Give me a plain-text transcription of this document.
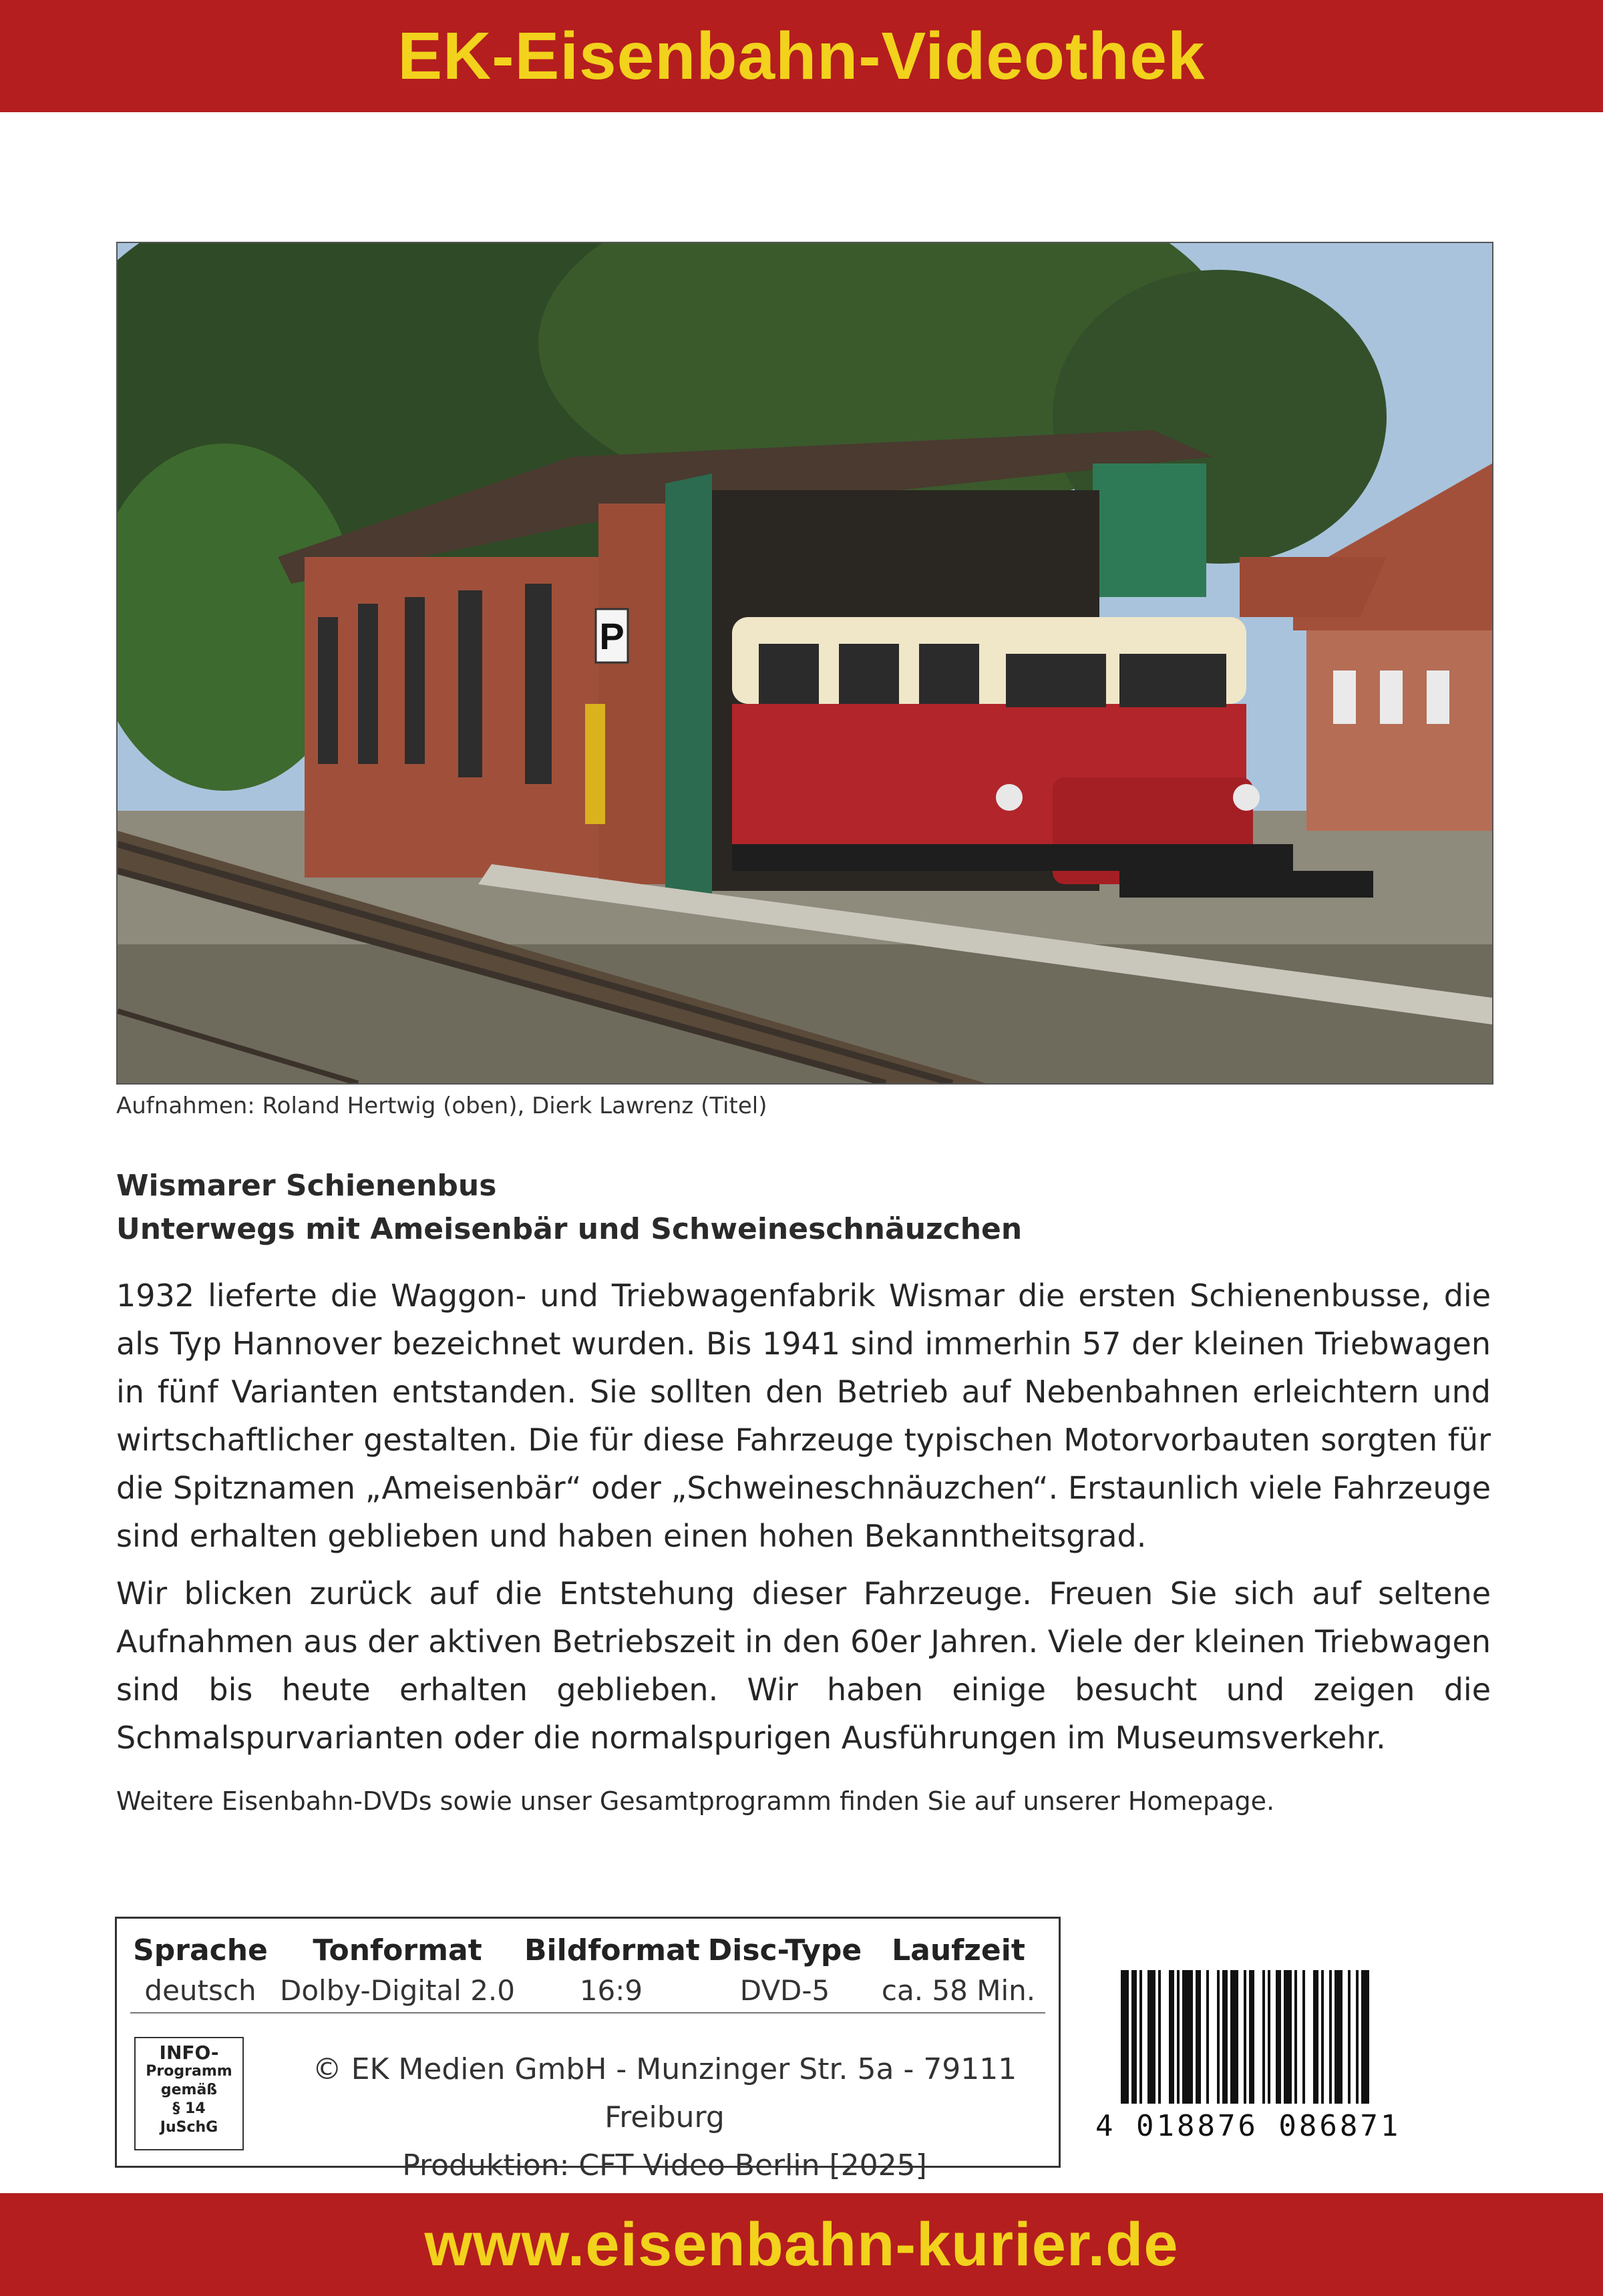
EK-Eisenbahn-Videothek
P
Aufnahmen: Roland Hertwig (oben), Dierk Lawrenz (Titel)
Wismarer Schienenbus
Unterwegs mit Ameisenbär und Schweineschnäuzchen

1932 lieferte die Waggon- und Triebwagenfabrik Wismar die ersten Schienenbusse, die als Typ Hannover bezeichnet wurden. Bis 1941 sind immerhin 57 der kleinen Triebwagen in fünf Varianten entstanden. Sie sollten den Betrieb auf Nebenbahnen erleichtern und wirtschaftlicher gestalten. Die für diese Fahrzeuge typischen Motorvorbauten sorgten für die Spitznamen „Ameisenbär“ oder „Schweineschnäuzchen“. Erstaunlich viele Fahrzeuge sind erhalten geblieben und haben einen hohen Bekanntheitsgrad.

Wir blicken zurück auf die Entstehung dieser Fahrzeuge. Freuen Sie sich auf seltene Aufnahmen aus der aktiven Betriebszeit in den 60er Jahren. Viele der kleinen Triebwagen sind bis heute erhalten geblieben. Wir haben einige besucht und zeigen die Schmalspurvarianten oder die normalspurigen Ausführungen im Museumsverkehr.

Weitere Eisenbahn-DVDs sowie unser Gesamtprogramm finden Sie auf unserer Homepage.
Sprache
deutsch
Tonformat
Dolby-Digital 2.0
Bildformat
16:9
Disc-Type
DVD-5
Laufzeit
ca. 58 Min.
INFO-
Programm
gemäß
§ 14
JuSchG
© EK Medien GmbH - Munzinger Str. 5a - 79111 Freiburg
Produktion: CFT Video Berlin [2025]
4 018876 086871
www.eisenbahn-kurier.de
